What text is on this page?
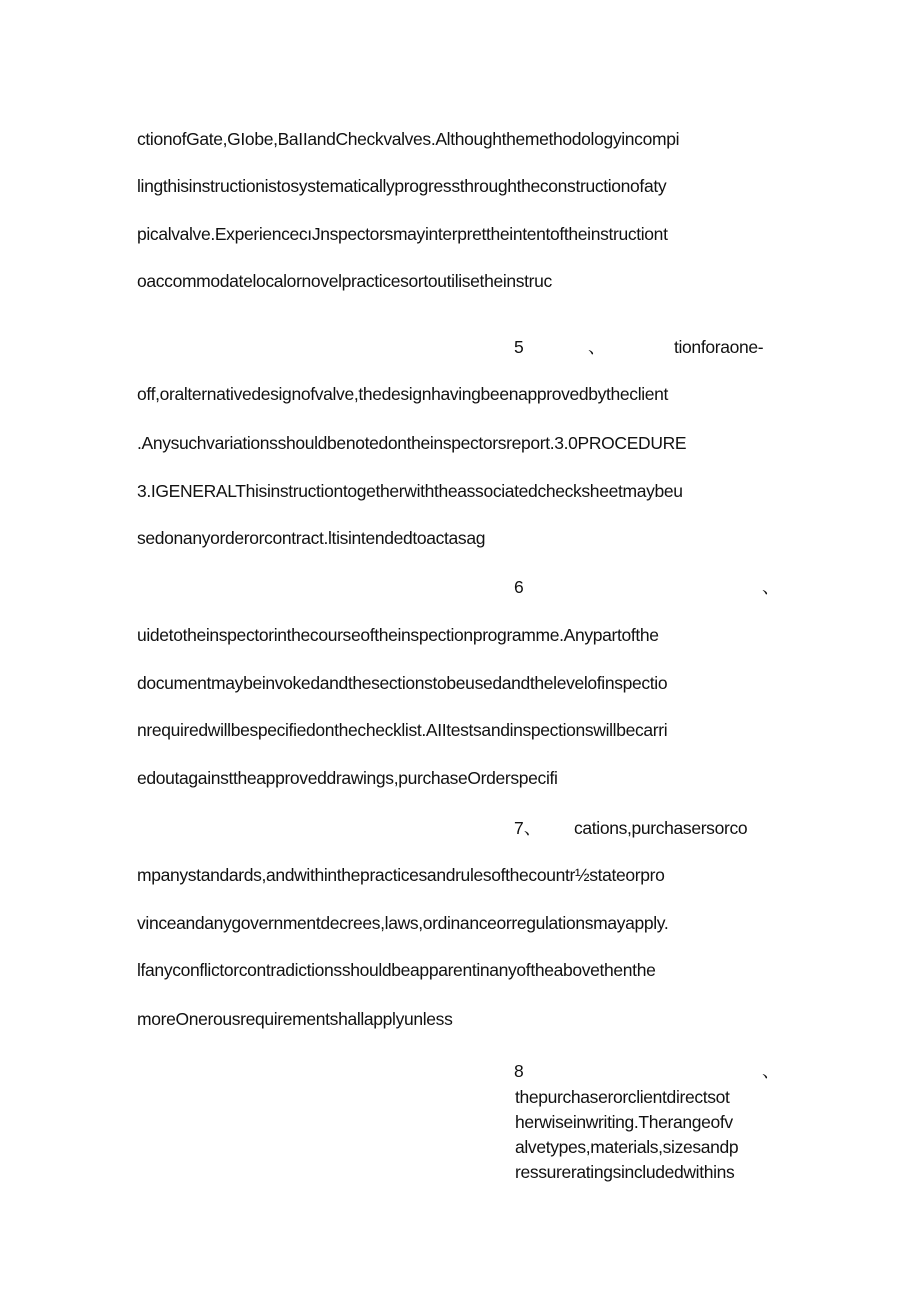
ctionofGate,GIobe,BaIIandCheckvalves.Althoughthemethodologyincompi
lingthisinstructionistosystematicallyprogressthroughtheconstructionofaty
picalvalve.ExperiencecıJnspectorsmayinterprettheintentoftheinstructiont
oaccommodatelocalornovelpracticesortoutilisetheinstruc
5	、	tionforaone-
off,oralternativedesignofvalve,thedesignhavingbeenapprovedbytheclient
.Anysuchvariationsshouldbenotedontheinspectorsreport.3.0PROCEDURE
3.IGENERALThisinstructiontogetherwiththeassociatedchecksheetmaybeu
sedonanyorderorcontract.ltisintendedtoactasag
6	、
uidetotheinspectorinthecourseoftheinspectionprogramme.Anypartofthe
documentmaybeinvokedandthesectionstobeusedandthelevelofinspectio
nrequiredwillbespecifiedonthechecklist.AIItestsandinspectionswillbecarri
edoutagainsttheapproveddrawings,purchaseOrderspecifi
7、 cations,purchasersorco
mpanystandards,andwithinthepracticesandrulesofthecountr½stateorpro
vinceandanygovernmentdecrees,laws,ordinanceorregulationsmayapply.
lfanyconflictorcontradictionsshouldbeapparentinanyoftheabovethenthe
moreOnerousrequirementshallapplyunless
8	、
thepurchaserorclientdirectsot
herwiseinwriting.Therangeofv
alvetypes,materials,sizesandp
ressureratingsincludedwithins
